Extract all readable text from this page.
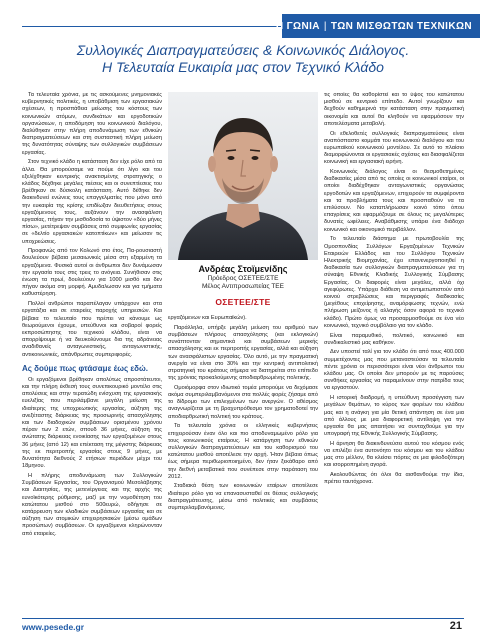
Η ΓΩΝΙΑ | ΤΩΝ ΜΙΣΘΩΤΩΝ ΤΕΧΝΙΚΩΝ
Συλλογικές Διαπραγματεύσεις & Κοινωνικός Διάλογος.
Η Τελευταία Ευκαιρία μας στον Τεχνικό Κλάδο

Τα τελευταία χρόνια, με τις ασκούμενες μνημονιακές κυβερνητικές πολιτικές, η υποβάθμιση των εργασιακών σχέσεων, η προσπάθεια μείωσης του κόστους των κοινωνικών ατόμων, συνδικάτων και εργοδοτικών οργανώσεων, η αποδόμηση του κοινωνικού διαλόγου, διαλύθηκαν στην πλήρη αποδυνάμωση των εθνικών διαπραγματεύσεων και στη συσταστική πλήρη μείωση της δυνατότητας σύναψης των συλλογικών συμβάσεων εργασίας.

Στον τεχνικό κλάδο η κατάσταση δεν είχε ρόλο από τα άλλα. Θα μπορούσαμε να πούμε ότι λίγο και του εξελίχθηκαν κεντρικής ανακτισμένης στρατηγικής ο κλάδος δέχθηκε μεγάλες πιέσεις και οι συνεπτίεσεις του βρέθηκαν σε δύσκολη κατάσταση. Αυτό δέθηκε δεν διακινδυνεί ενώνεις τους επαγγελματίες που μόνο από την ευκαιρία της κρίσης επιδίωξαν διευθετήσεις στους εργαζόμενους τους, αυξάνουν την ανασφάλιση εργασίας, πήγαν την μισθοδοσία το ύψιστον «δύο μήνες πίσω», μετέτρεψαν συμβάσεις από συμφωνίες εργασίας σε «δελτίο εργασιακών κατοπτίκων» και μείωσαν τις υποχρεώσεις.

Προφανώς από τον Κολωνό στο έτος, Πα-ρουσιαστή δουλεύουν βέβαια μεσαιωνικές μέσα στη εξαρμένη τα εργαζόμενα. Φυσικά αυτοί οι άνθρωποι δεν δυνάμωσαν την εργασία τους στις τρεις το ανόγεια. Συνήθισαν στις ένωση τα πρωί, δουλεύουν για 1000 μισθό και δεν πήγαν ακόμα στη μορφή. Αμυδαλωσαν και για τμήματα καθυστέρηση.

Πολλοί ανθρώποι παραπέλαγαν υπάρχουν και στα εργατάξια και σε εταιρείες παροχής υπηρεσιών. Και βέβαια το τελευταίο που πρέπει να κάνουμε ως θεωρούμενοι έχουμε, υπεύθυνοι και σοβαροί φορείς εκπροσώπησης του τεχνικού κλάδου, είναι να απορρίψουμε ή να διευκολύνουμε δια της αδράνειας αναδιθανείς ανταγωνιστικής, ανταγωνιστικής, αντικοινωνικές, απάνθρωπες συμπεριφορές.

Ας δούμε πως φτάσαμε έως εδώ.

Οι εργαζόμενοι βρέθηκαν απολύτως απροστάτευτοι, και την πλήρη έκθεσή τους συνεπικουρικό μοντέλο στις απολύσεις και στην τερατώδη ενίσχυση της εργασιακής ευελιξίας που περιλάμβανε μεγάλη μείωση της ιδιαίτερης της υποχρεωτικής εργασίας, αύξηση της ανεξέταστης διάρκειας της προσωρινής απασχόλησης και των διαδοχικών συμβάσεων ορισμένου χρόνου πέραν των 2 ετών, σπουδ 36 μήνες, αύξηση της ανώτατης διάρκειας ενοικίασης των εργαζομένων στους 36 μήνες (από 12) και επέκταση της μέγιστης διάρκειας της εκ περιτροπής εργασίας στους 9 μήνες, με δυνατότητα διεθνούς 2 ετήσιων περιόδων μέχρι του 18μηνου.

Η πλήρης αποδυνάμωση των Συλλογικών Συμβάσεων Εργασίας, του Οργανισμού Μεσολάβησης και Διαιτησίας, της μετενέργειας και της αρχής της ευνοϊκότερης ρύθμισης, μαζί με την νομοθέτηση του κατώτατου μισθού στο 500ευρώ, οδήγησε σε κατάρρευση των κλαδικών συμβάσεων εργασίας και σε αύξηση των ατομικών επιχειρησιακών (μέσω ομάδων προσώπων) συμβάσεων. Οι εργαζόμενοι κληρώνονταν από εταιρείες.

Ανδρέας Στοϊμενίδης
Πρόεδρος ΟΣΕΤΕΕ/ΣΤΕ
Μέλος Αντιπροσωπείας ΤΕΕ
ΟΣΕΤΕΕ/ΣΤΕ

εργαζόμενων και Ευρωπαϊκών).

Παράλληλα, υπήρξε μεγάλη μείωση του αριθμού των συμβάσεων πλήρους απασχόλησης (και εκλογικών) συνάπτονταν σημαντικά και συμβάσεων μερικής απασχόλησης και εκ περιτροπής εργασίας, αλλά και αύξηση των ανασφάλιστων εργασίας. Όλο αυτό, με την πραγματική ανεργία να είναι στο 30% και την κεντρική αντιπολιτική στρατηγική του κράτους σήμερα να διατηρείται στο επίπεδο της χρόνιας προκαλούμενης αποδιαρθρωμένης πολιτικής.

Ομοιόμορφα στον ιδιωτικό τομέα μπορούμε να δεχόμασε ακόμα συμπεριλαμβανόμενοι στα πολλές φορές ζήσαμε από το δίδρομο των επιλεγμένων των ανεργών. Ο αθέσμος αναγνωρίζεται με τη βραχυπρόθεσμο τον χρηματοδοτεί την αποδιαρθρωτική πολιτική του κράτους.

Τα τελευταία χρόνια οι ελληνικές κυβερνήσεις επιχειρούσαν έναν όλο και πιο αποδυναμωμένο ρόλο για τους κοινωνικούς εταίρους. Η κατάργηση των εθνικών συλλογικών διαπραγματεύσεων και του καθορισμού του κατώτατου μισθού αποτέλεσε την αρχή. Ήταν βέβαια όπως έως σήμερα περιθωριοποιημένο, δεν ήταν ξεκάθαρο από την διεθνή μεταβατικά που συνέπεσε στην παράταση του 2012.

Σταδιακά θέση των κοινωνικών εταίρων αποτέλεσε ιδιαίτερο ρόλο για να επανασυσταθεί σε θέσεις συλλογικής διαπραγμάτευσης, μέσω από πολιτικές και συμβάσεις συμπεριλαμβανόμενες.

τις οποίες θα καθορίστεί και το ύψος του κατώτατου μισθού σε κεντρικό επίπεδο. Αυτοί γνωρίζουν και δεχθούν καθημερινά την κατάσταση στην πραγματική οικονομία και αυτοί θα κληθούν να εφαρμόσουν την αποτελέσματα μεταβολή.

Οι εθελοθετές συλλογικές διαπραγματεύσεις είναι αναπόσπαστο κομμάτι του κοινωνικού διαλόγου και του ευρωπαϊκού κοινωνικού μοντέλου. Σε αυτό το πλαίσιο διαμορφώνονται οι εργασιακές σχέσεις και διασφαλίζεται κοινωνική και εργασιακή ειρήνη.

Κοινωνικός διάλογος είναι οι θεσμοθετημένες διαδικασίες μέσα από τις οποίες οι κοινωνικοί εταίροι, οι οποίοι διαδέχθηκαν ανταγωνιστικές οργανώσεις εργοδοτών και εργαζόμενων, επιχειρούν τα συμφέροντα και τα προβλήματα τους και προσπαθούν να τα επιλύσουν. Νο καταπλήρωσαν κοινό τόπο όπου επαγρίσεις και εφαρμόζουμε σε όλους τις μεγαλύτερες δυνατές ωφέλειες. Αναβάθμισης υπάρει ένα διάδοχο κοινωνικό και οικονομικό περιβάλλον.

Το τελευταίο διάστημα με πρωτοβουλία της Ομοσπονδίας Συλλόγων Εργαζομένων Τεχνικών Εταιρειών Ελλάδος και του Συλλόγου Τεχνικών Ηλεκτρικής Βιομηχανίας, έχει επανενεργοποιηθεί η διαδικασία των συλλογικών διαπραγματεύσεων για τη σύναψη Εθνικής Κλαδικής Συλλογικής Σύμβασης Εργασίας. Οι διαφορές είναι μεγάλες, αλλά όχι αγεφύρωτες. Υπάρχει διάθεση να αντιμετωπιστούν από κοινού στρεβλώσεις και περιγραφές διαδικασίες (μεγέθους επιχείρησης, αναμόρφωσης τεχνών, ενώ πλήρωση μείζονος ή αλλαγής όσον αφορά το τεχνικό κλάδο). Πρώτο όμως να προσαρμοσθούμε σε ένα νέο κοινωνικό, τεχνικό συμβόλαιο για τον κλάδο.

Είναι παραμυθικό, πολιτικό, κοινωνικό και συνδικαλιστικό μας καθήκον.

Δεν υποστεί ταλί για τον κλάδο ότι από τους 400.000 συμμετέχοντες μας που μεταναστεύσαν τα τελευταία πέντε χρόνια οι περισσότεροι είναι νέοι άνθρωποι του κλάδου μας. Οι οποίοι δεν μπορούν με τις παρούσες συνθήκες εργασίας να παραμείνουν στην πατρίδα τους να εργαστούν.

Η ιστορική διαδρομή, η υπεύθυνη προσέγγιση των μεγάλων θεμάτων, το κύρος των φορέων του κλάδου μας και η ανάγκη για μία θετική απάντηση σε ένα μια από άλλους με μια διαφορετική αντίληψη για την εργασία θα μας απαιτήσει να συνταχθούμε για την υπογραφή της Εθνικής Συλλογικής Σύμβασης.

Η άρνηση θα διακινδυνεύσει αυτού του κόσμου ενός να επιλέξει ένα αυτονόητο του κόσμου και του κλάδου μας στο μέλλον, θα κλείσει πόρτες σε μια φιλοδοξότερη και ισορροπημένη αγορά.

Ακολουθώντας ότι όλοι θα αισθανθούμε την ίδια, πρέπει ταυτόχρονα.

www.pesede.gr	21
